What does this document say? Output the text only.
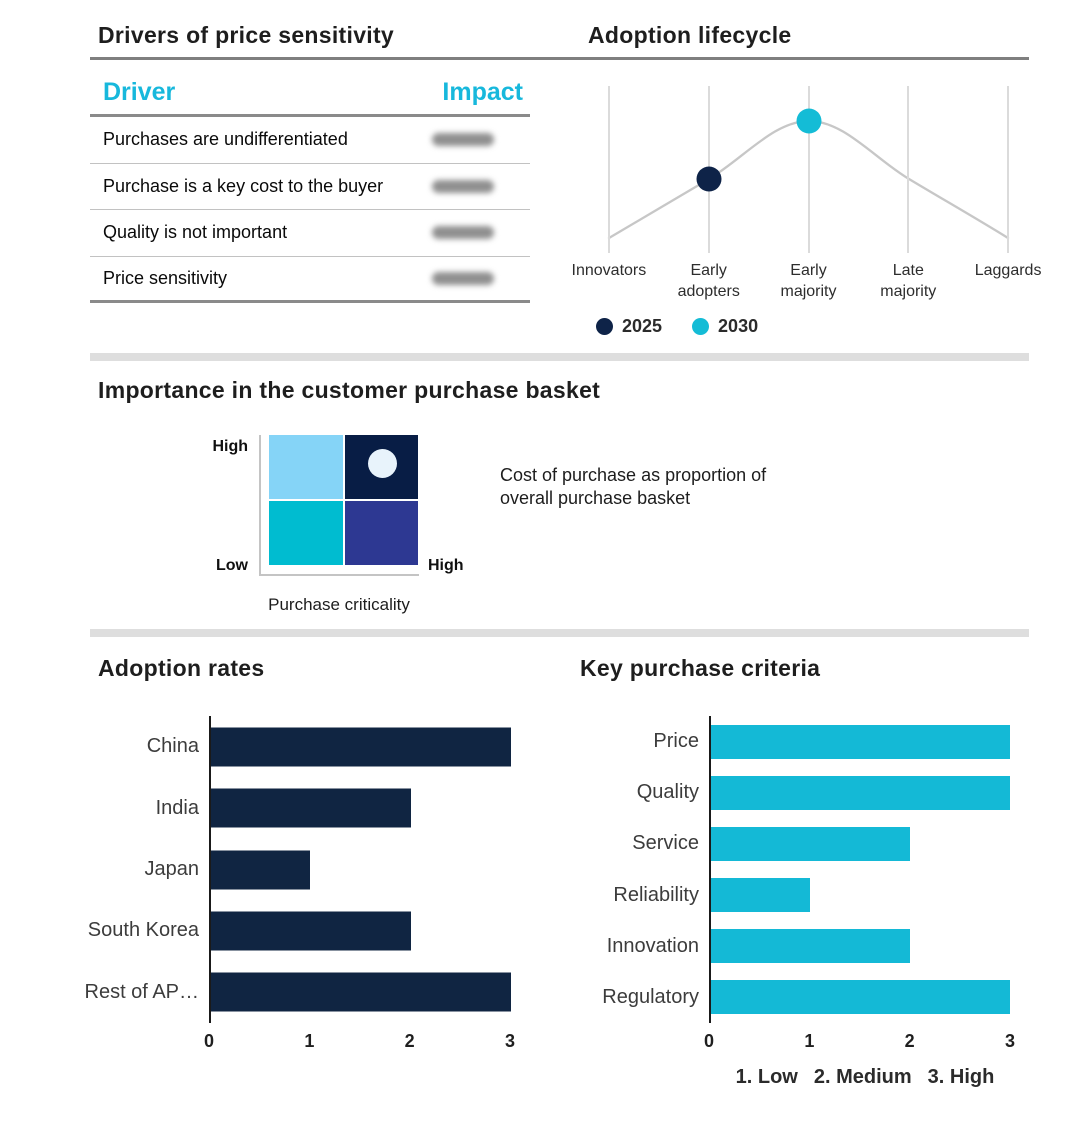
Drivers of price sensitivity	Adoption lifecycle
Driver	Impact
Purchases are undifferentiated
Purchase is a key cost to the buyer
Quality is not important
Price sensitivity	Innovators	Early
adopters
Early
majority
Late
majority
Laggards
2025	2030
Importance in the customer purchase basket
High
Low	High
Purchase criticality
Cost of purchase as proportion of
overall purchase basket
Adoption rates	Key purchase criteria
China
India
Japan
South Korea
Rest of AP…
0	1	2	3
Price
Quality
Service
Reliability
Innovation
Regulatory
0	1	2	3
1. Low 2. Medium 3. High
